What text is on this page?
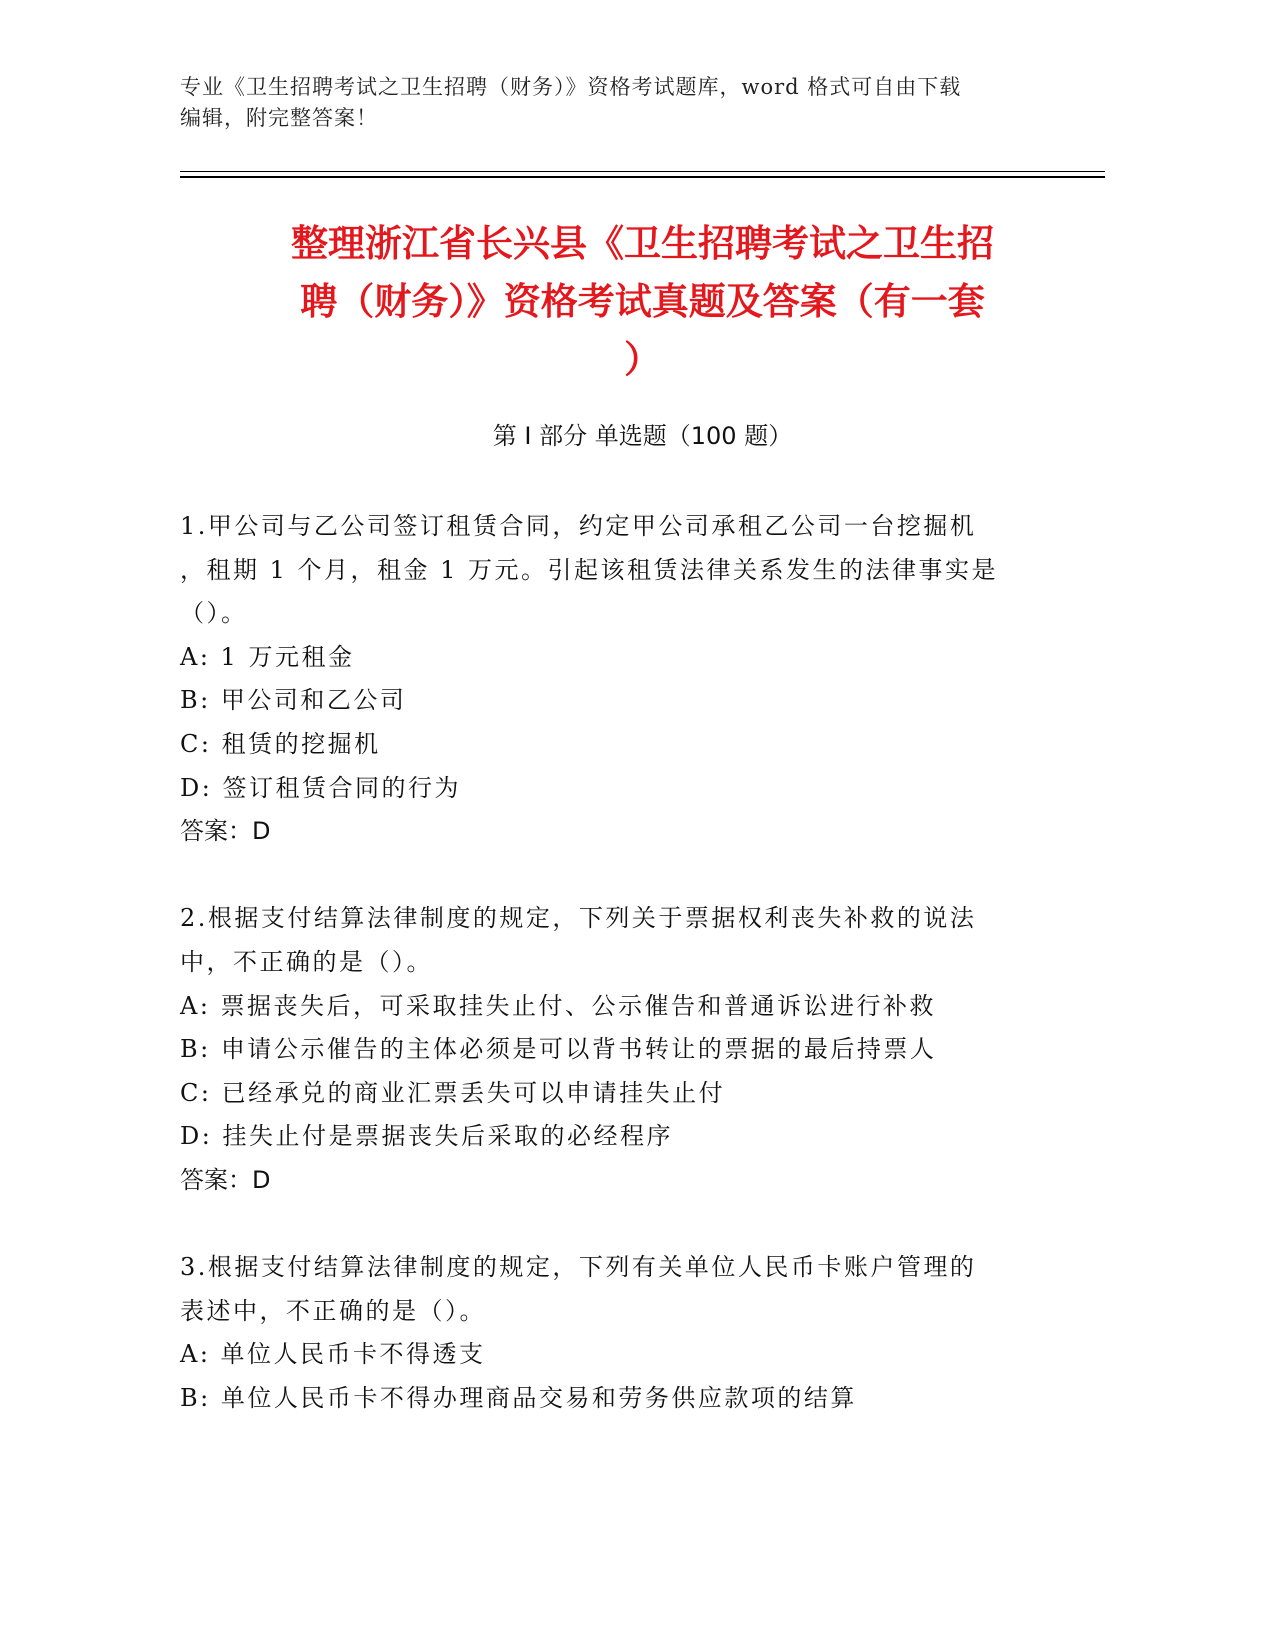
专业《卫生招聘考试之卫生招聘（财务）》资格考试题库，word 格式可自由下载
编辑，附完整答案！
整理浙江省长兴县《卫生招聘考试之卫生招
聘（财务）》资格考试真题及答案（有一套
）
第 I 部分 单选题（100 题）

1.甲公司与乙公司签订租赁合同，约定甲公司承租乙公司一台挖掘机

，租期 1 个月，租金 1 万元。引起该租赁法律关系发生的法律事实是

（）。

A: 1 万元租金

B: 甲公司和乙公司

C: 租赁的挖掘机

D: 签订租赁合同的行为

答案：D

2.根据支付结算法律制度的规定，下列关于票据权利丧失补救的说法

中，不正确的是（）。

A: 票据丧失后，可采取挂失止付、公示催告和普通诉讼进行补救

B: 申请公示催告的主体必须是可以背书转让的票据的最后持票人

C: 已经承兑的商业汇票丢失可以申请挂失止付

D: 挂失止付是票据丧失后采取的必经程序

答案：D

3.根据支付结算法律制度的规定，下列有关单位人民币卡账户管理的

表述中，不正确的是（）。

A: 单位人民币卡不得透支

B: 单位人民币卡不得办理商品交易和劳务供应款项的结算
